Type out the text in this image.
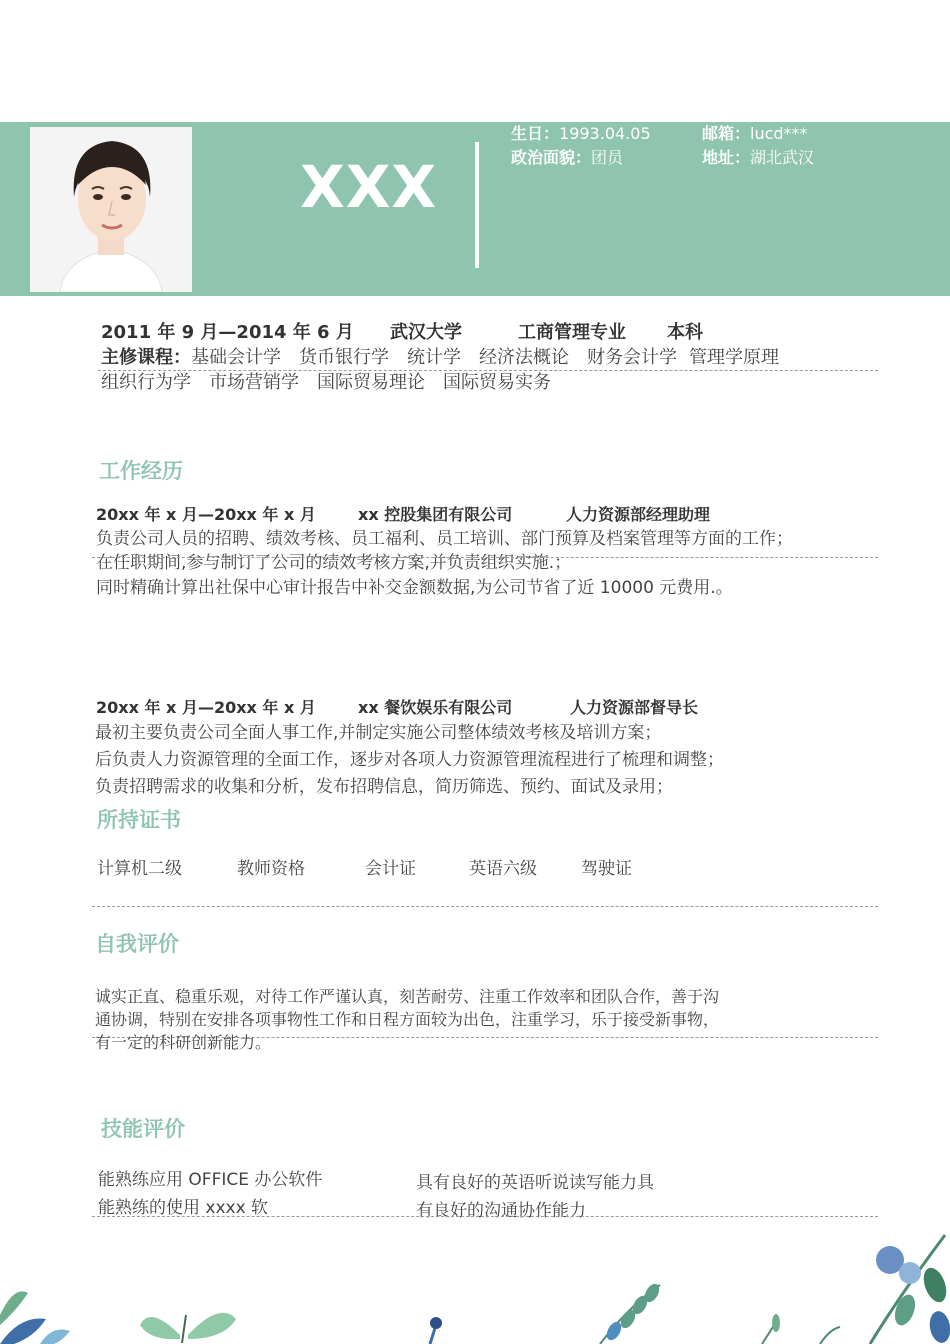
XXX
生日：1993.04.05	邮箱：lucd***
政治面貌：团员	地址：湖北武汉
2011 年 9 月—2014 年 6 月 武汉大学	工商管理专业 本科
主修课程：基础会计学 货币银行学 统计学 经济法概论 财务会计学 管理学原理
组织行为学 市场营销学 国际贸易理论 国际贸易实务
工作经历
20xx 年 x 月—20xx 年 x 月	xx 控股集团有限公司	人力资源部经理助理
负责公司人员的招聘、绩效考核、员工福利、员工培训、部门预算及档案管理等方面的工作；
在任职期间,参与制订了公司的绩效考核方案,并负责组织实施.；
同时精确计算出社保中心审计报告中补交金额数据,为公司节省了近 10000 元费用.。
20xx 年 x 月—20xx 年 x 月	xx 餐饮娱乐有限公司	人力资源部督导长
最初主要负责公司全面人事工作,并制定实施公司整体绩效考核及培训方案；
后负责人力资源管理的全面工作，逐步对各项人力资源管理流程进行了梳理和调整；
负责招聘需求的收集和分析，发布招聘信息，简历筛选、预约、面试及录用；
所持证书
计算机二级	教师资格	会计证	英语六级	驾驶证
自我评价
诚实正直、稳重乐观，对待工作严谨认真，刻苦耐劳、注重工作效率和团队合作，善于沟
通协调，特别在安排各项事物性工作和日程方面较为出色，注重学习，乐于接受新事物，
有一定的科研创新能力。
技能评价
能熟练应用 OFFICE 办公软件
能熟练的使用 xxxx 软
具有良好的英语听说读写能力具
有良好的沟通协作能力
